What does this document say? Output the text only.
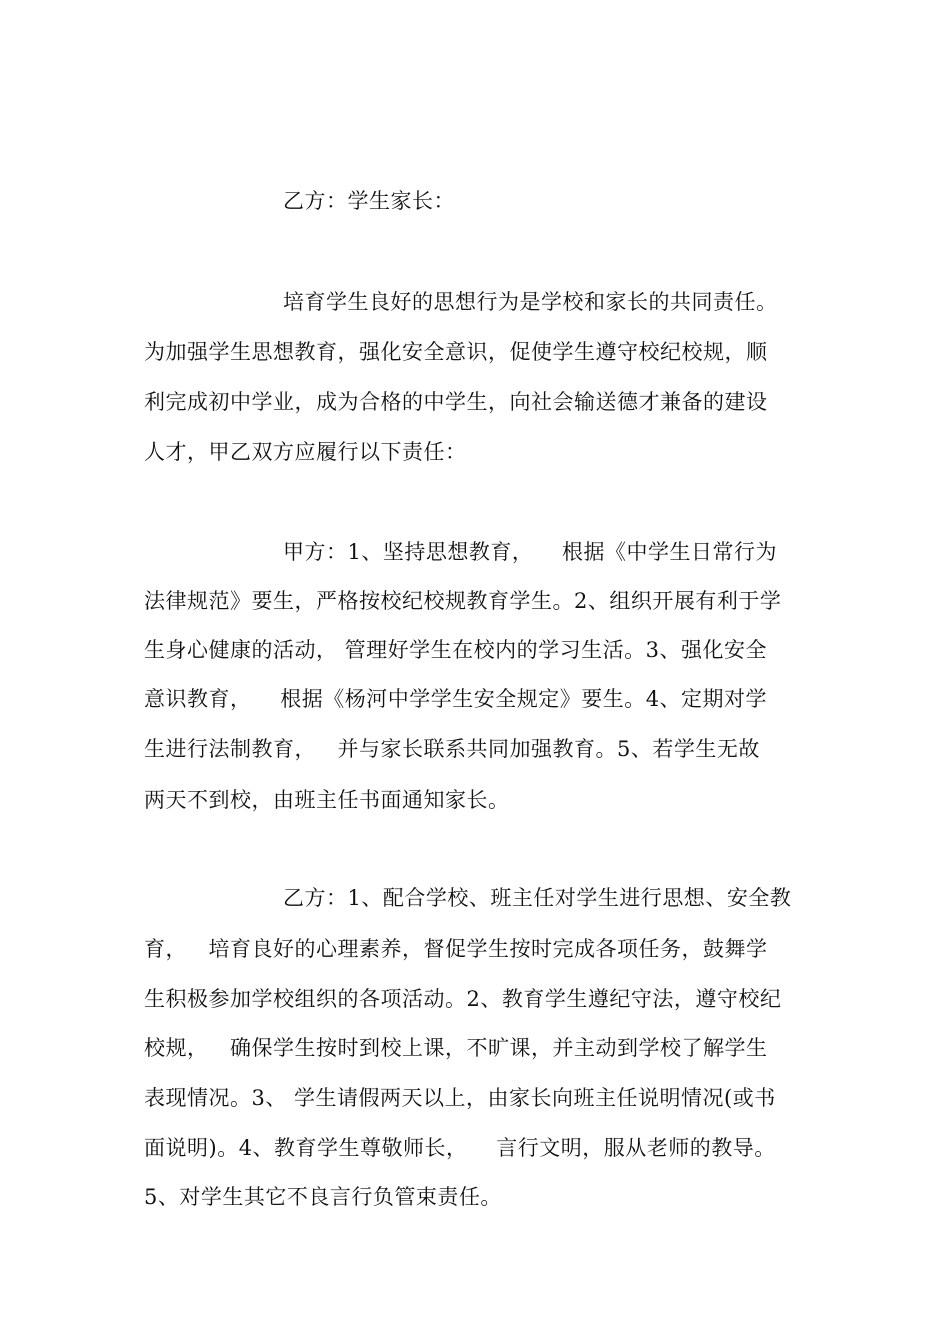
乙方：学生家长：

培育学生良好的思想行为是学校和家长的共同责任。

为加强学生思想教育，强化安全意识，促使学生遵守校纪校规，顺

利完成初中学业，成为合格的中学生，向社会输送德才兼备的建设

人才，甲乙双方应履行以下责任：

甲方：1、坚持思想教育，    根据《中学生日常行为

法律规范》要生，严格按校纪校规教育学生。2、组织开展有利于学

生身心健康的活动， 管理好学生在校内的学习生活。3、强化安全

意识教育，    根据《杨河中学学生安全规定》要生。4、定期对学

生进行法制教育，   并与家长联系共同加强教育。5、若学生无故

两天不到校，由班主任书面通知家长。

乙方：1、配合学校、班主任对学生进行思想、安全教

育，   培育良好的心理素养，督促学生按时完成各项任务，鼓舞学

生积极参加学校组织的各项活动。2、教育学生遵纪守法，遵守校纪

校规，   确保学生按时到校上课，不旷课，并主动到学校了解学生

表现情况。3、 学生请假两天以上，由家长向班主任说明情况(或书

面说明)。4、教育学生尊敬师长，    言行文明，服从老师的教导。

5、对学生其它不良言行负管束责任。
